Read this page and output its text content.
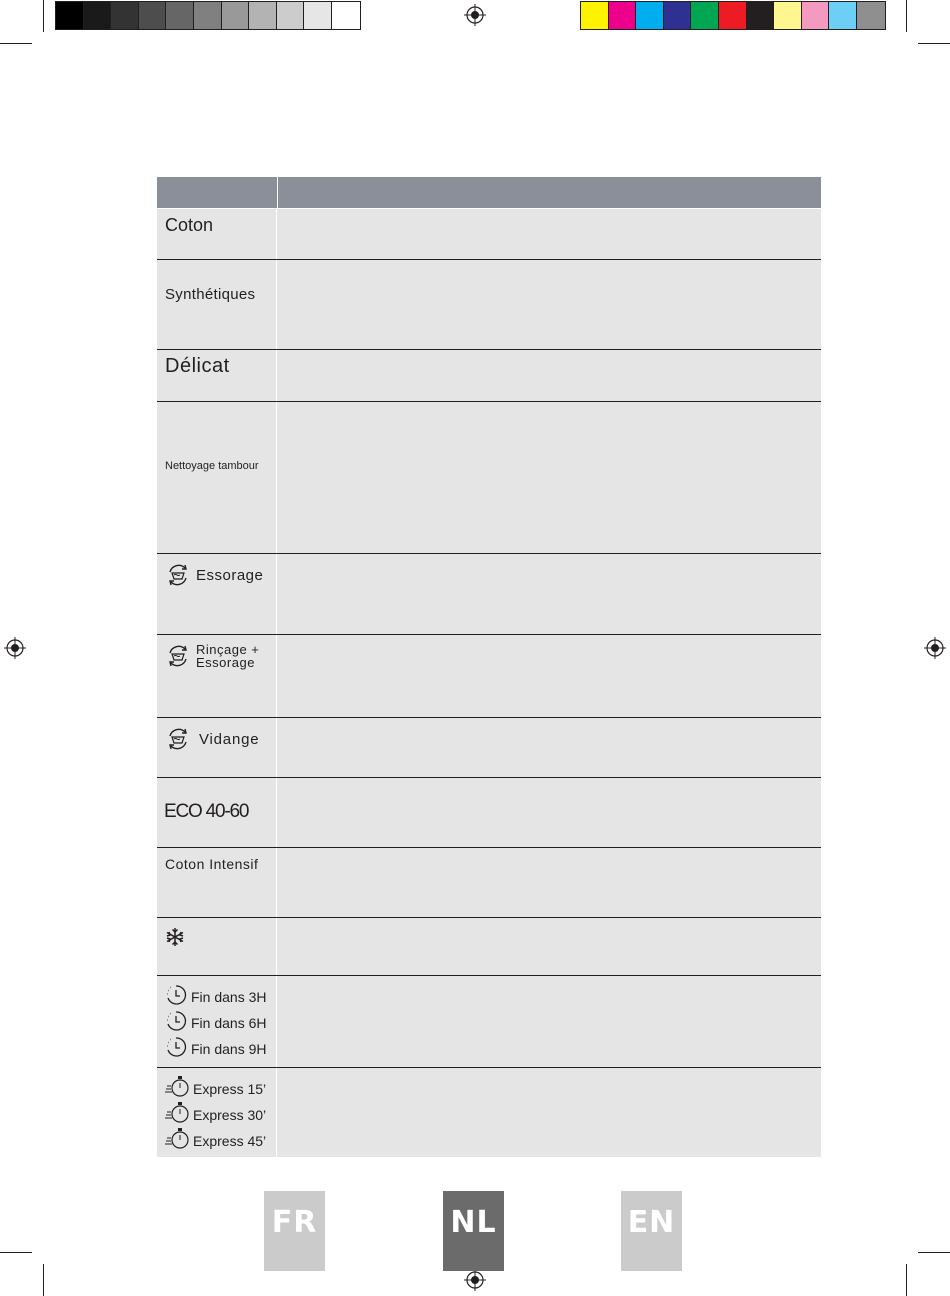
Coton
Synthétiques
Délicat
Nettoyage tambour
Essorage
Rinçage +
Essorage
Vidange
ECO 40-60
Coton Intensif
Fin dans 3H
Fin dans 6H
Fin dans 9H
Express 15’
Express 30’
Express 45’
FR	NL	EN
